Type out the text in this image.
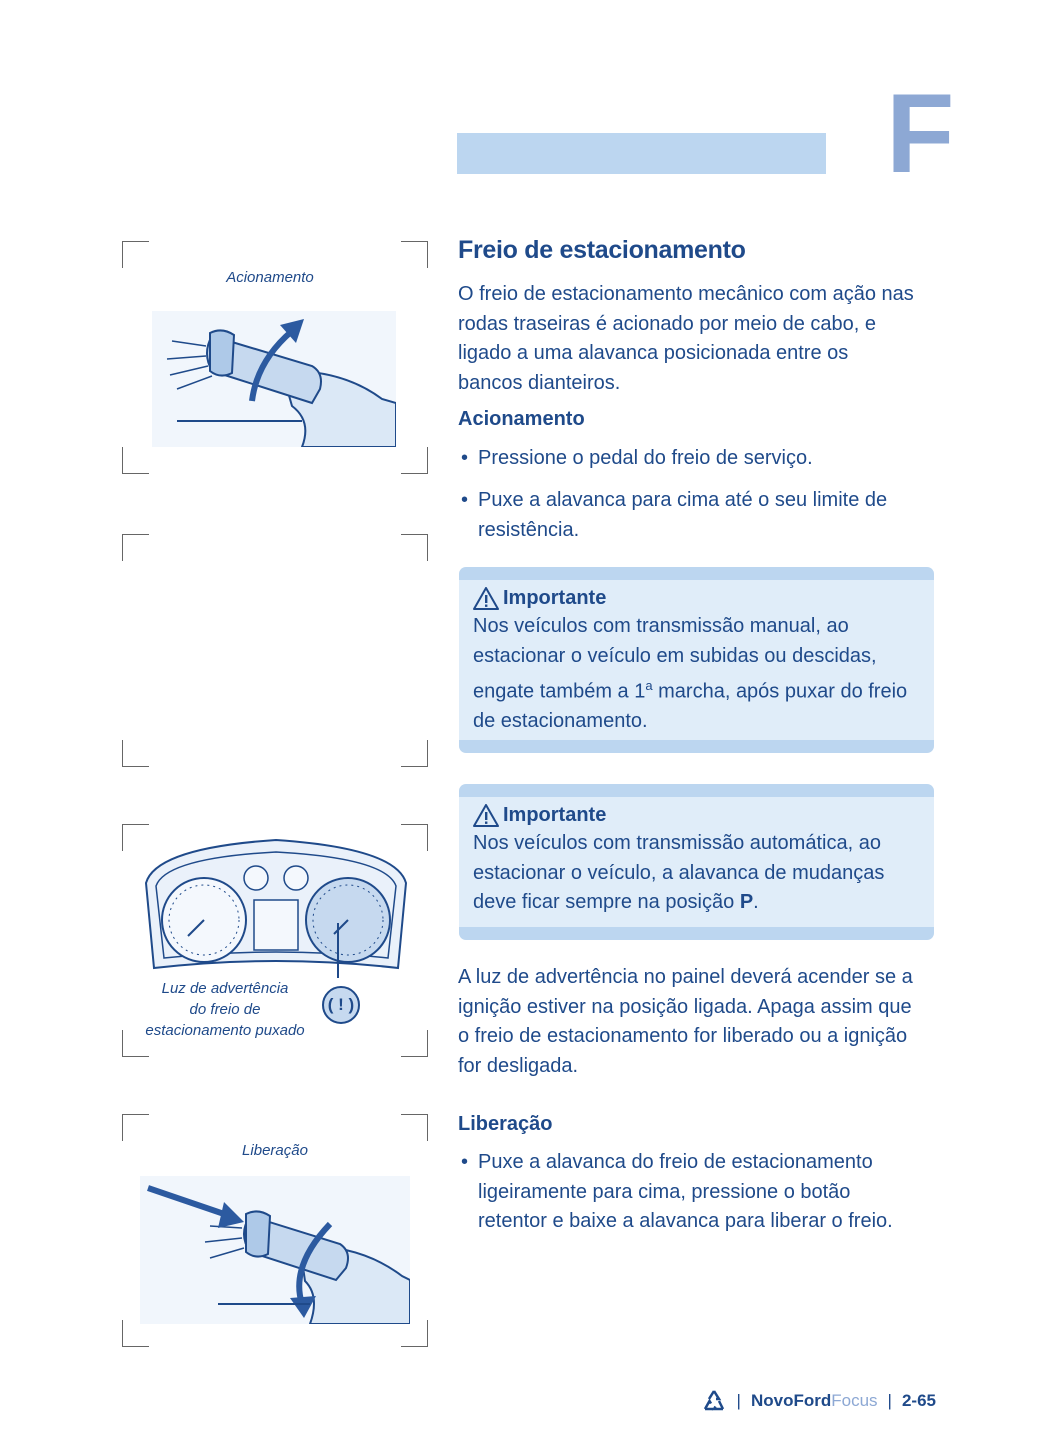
F
Acionamento
( ! )
Luz de advertência
do freio de
estacionamento puxado
Liberação
Freio de estacionamento
O freio de estacionamento mecânico com ação nas
rodas traseiras é acionado por meio de cabo, e
ligado a uma alavanca posicionada entre os
bancos dianteiros.
Acionamento
• Pressione o pedal do freio de serviço.
• Puxe a alavanca para cima até o seu limite de
resistência.
Importante
Nos veículos com transmissão manual, ao
estacionar o veículo em subidas ou descidas,
engate também a 1$^a$ marcha, após puxar do freio
de estacionamento.
Importante
Nos veículos com transmissão automática, ao
estacionar o veículo, a alavanca de mudanças
deve ficar sempre na posição P.
A luz de advertência no painel deverá acender se a
ignição estiver na posição ligada. Apaga assim que
o freio de estacionamento for liberado ou a ignição
for desligada.
Liberação
• Puxe a alavanca do freio de estacionamento
ligeiramente para cima, pressione o botão
retentor e baixe a alavanca para liberar o freio.
| NovoFordFocus | 2-65
